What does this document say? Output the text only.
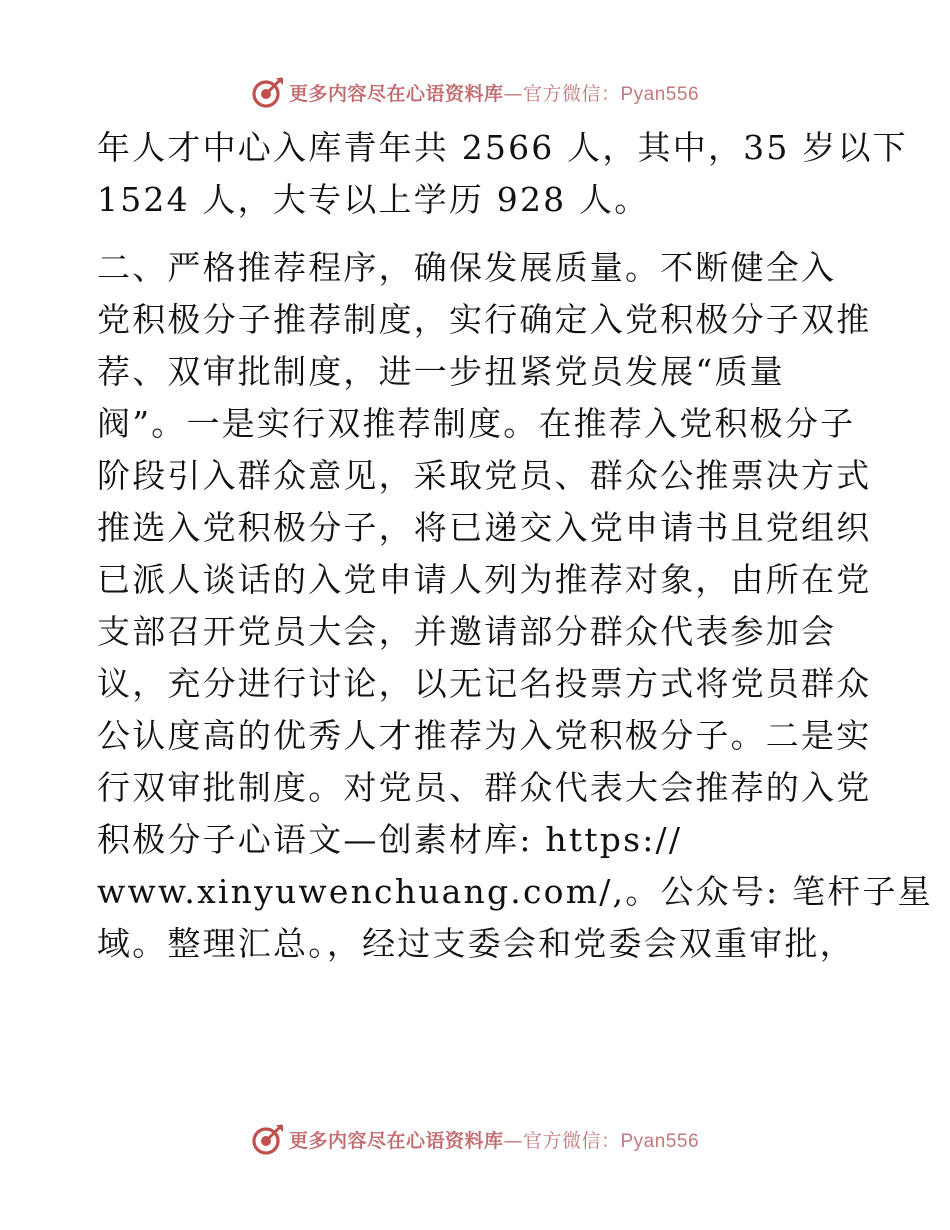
更多内容尽在心语资料库—官方微信：Pyan556
年人才中心入库青年共 2566 人，其中，35 岁以下
1524 人，大专以上学历 928 人。
二、严格推荐程序，确保发展质量。不断健全入
党积极分子推荐制度，实行确定入党积极分子双推
荐、双审批制度，进一步扭紧党员发展“质量
阀”。一是实行双推荐制度。在推荐入党积极分子
阶段引入群众意见，采取党员、群众公推票决方式
推选入党积极分子，将已递交入党申请书且党组织
已派人谈话的入党申请人列为推荐对象，由所在党
支部召开党员大会，并邀请部分群众代表参加会
议，充分进行讨论，以无记名投票方式将党员群众
公认度高的优秀人才推荐为入党积极分子。二是实
行双审批制度。对党员、群众代表大会推荐的入党
积极分子心语文—创素材库: https://
www.xinyuwenchuang.com/,。公众号: 笔杆子星
域。整理汇总。，经过支委会和党委会双重审批，
更多内容尽在心语资料库—官方微信：Pyan556
